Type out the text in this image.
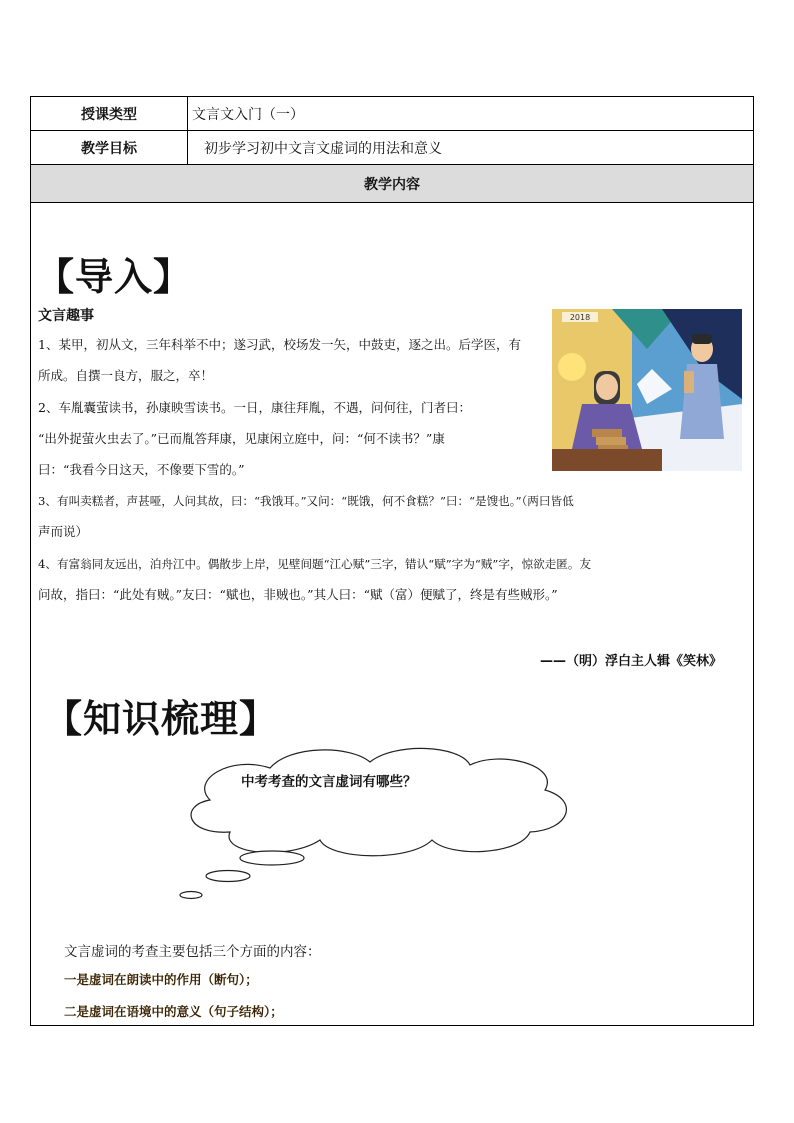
授课类型	文言文入门（一）
教学目标	初步学习初中文言文虚词的用法和意义
教学内容
【导入】
文言趣事
1、某甲，初从文，三年科举不中；遂习武，校场发一矢，中鼓吏，逐之出。后学医，有
所成。自撰一良方，服之，卒！
2、车胤囊萤读书，孙康映雪读书。一日，康往拜胤，不遇，问何往，门者曰：
“出外捉萤火虫去了。”已而胤答拜康，见康闲立庭中，问：“何不读书？”康
曰：“我看今日这天，不像要下雪的。”
3、有叫卖糕者，声甚哑，人问其故，曰：“我饿耳。”又问：“既饿，何不食糕？”曰：“是馊也。”（两曰皆低
声而说）
4、有富翁同友远出，泊舟江中。偶散步上岸，见壁间题“江心赋”三字，错认“赋”字为“贼”字，惊欲走匿。友
问故，指曰：“此处有贼。”友曰：“赋也，非贼也。”其人曰：“赋（富）便赋了，终是有些贼形。”
2018
——（明）浮白主人辑《笑林》
【知识梳理】
中考考查的文言虚词有哪些？
文言虚词的考查主要包括三个方面的内容：
一是虚词在朗读中的作用（断句）；
二是虚词在语境中的意义（句子结构）；
